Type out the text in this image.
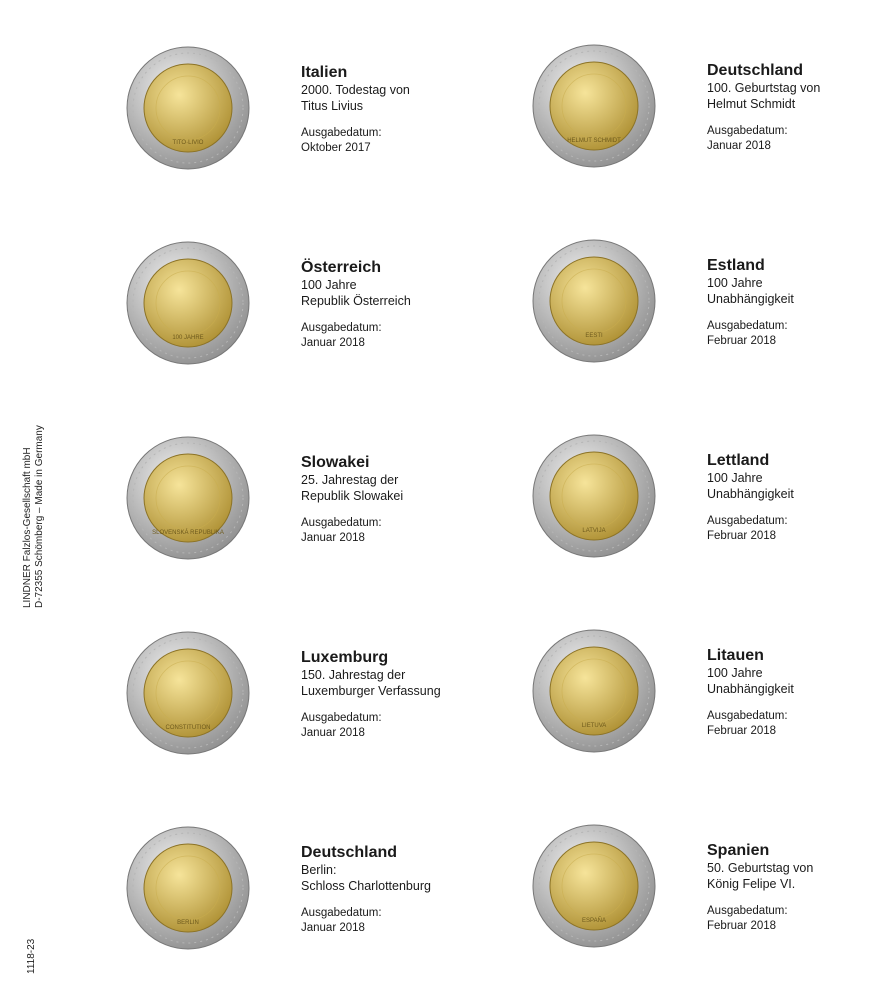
LINDNER Falzlos-Gesellschaft mbH D-72355 Schömberg – Made in Germany
1118-23
TITO·LIVIO
Italien
2000. Todestag von
Titus Livius
Ausgabedatum:
Oktober 2017
HELMUT SCHMIDT
Deutschland
100. Geburtstag von
Helmut Schmidt
Ausgabedatum:
Januar 2018
100 JAHRE
Österreich
100 Jahre
Republik Österreich
Ausgabedatum:
Januar 2018
EESTI
Estland
100 Jahre
Unabhängigkeit
Ausgabedatum:
Februar 2018
SLOVENSKÁ REPUBLIKA
Slowakei
25. Jahrestag der
Republik Slowakei
Ausgabedatum:
Januar 2018
LATVIJA
Lettland
100 Jahre
Unabhängigkeit
Ausgabedatum:
Februar 2018
CONSTITUTION
Luxemburg
150. Jahrestag der
Luxemburger Verfassung
Ausgabedatum:
Januar 2018
LIETUVA
Litauen
100 Jahre
Unabhängigkeit
Ausgabedatum:
Februar 2018
BERLIN
Deutschland
Berlin:
Schloss Charlottenburg
Ausgabedatum:
Januar 2018
ESPAÑA
Spanien
50. Geburtstag von
König Felipe VI.
Ausgabedatum:
Februar 2018
